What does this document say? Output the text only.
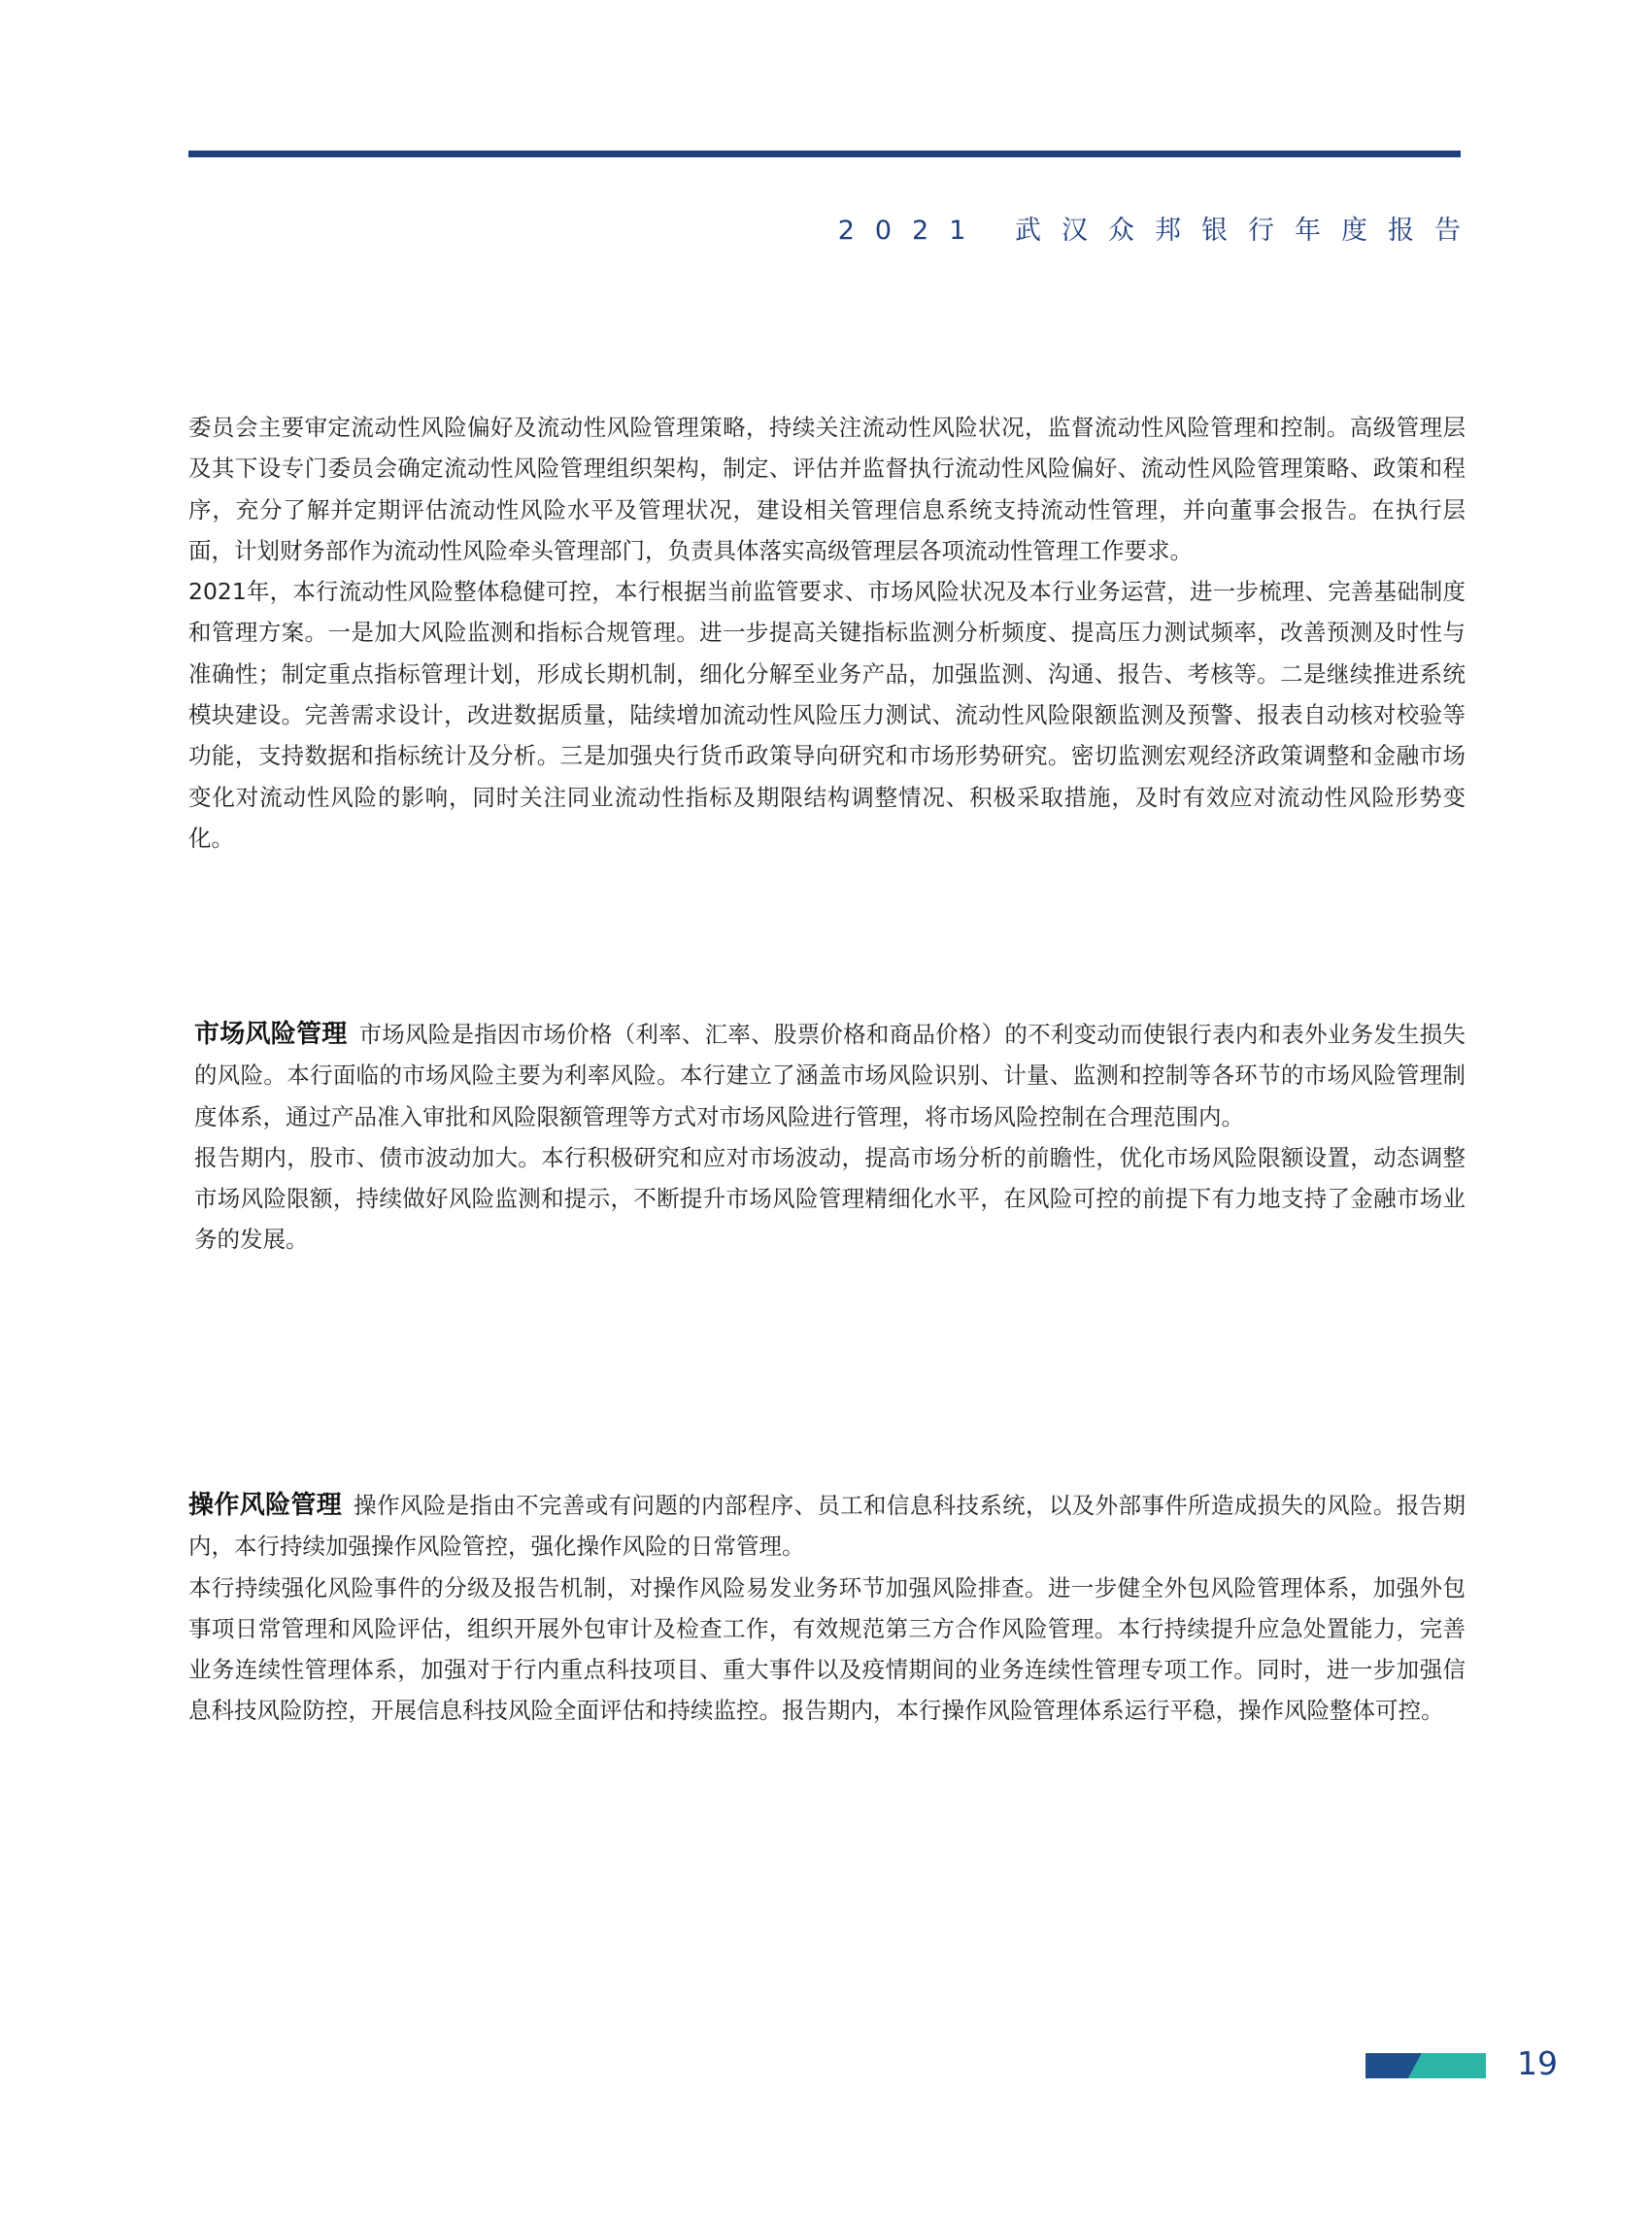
2021 武汉众邦银行年度报告

委员会主要审定流动性风险偏好及流动性风险管理策略，持续关注流动性风险状况，监督流动性风险管理和控制。高级管理层及其下设专门委员会确定流动性风险管理组织架构，制定、评估并监督执行流动性风险偏好、流动性风险管理策略、政策和程序，充分了解并定期评估流动性风险水平及管理状况，建设相关管理信息系统支持流动性管理，并向董事会报告。在执行层面，计划财务部作为流动性风险牵头管理部门，负责具体落实高级管理层各项流动性管理工作要求。

2021年，本行流动性风险整体稳健可控，本行根据当前监管要求、市场风险状况及本行业务运营，进一步梳理、完善基础制度和管理方案。一是加大风险监测和指标合规管理。进一步提高关键指标监测分析频度、提高压力测试频率，改善预测及时性与准确性；制定重点指标管理计划，形成长期机制，细化分解至业务产品，加强监测、沟通、报告、考核等。二是继续推进系统模块建设。完善需求设计，改进数据质量，陆续增加流动性风险压力测试、流动性风险限额监测及预警、报表自动核对校验等功能，支持数据和指标统计及分析。三是加强央行货币政策导向研究和市场形势研究。密切监测宏观经济政策调整和金融市场变化对流动性风险的影响，同时关注同业流动性指标及期限结构调整情况、积极采取措施，及时有效应对流动性风险形势变化。

市场风险管理 市场风险是指因市场价格（利率、汇率、股票价格和商品价格）的不利变动而使银行表内和表外业务发生损失的风险。本行面临的市场风险主要为利率风险。本行建立了涵盖市场风险识别、计量、监测和控制等各环节的市场风险管理制度体系，通过产品准入审批和风险限额管理等方式对市场风险进行管理，将市场风险控制在合理范围内。

报告期内，股市、债市波动加大。本行积极研究和应对市场波动，提高市场分析的前瞻性，优化市场风险限额设置，动态调整市场风险限额，持续做好风险监测和提示，不断提升市场风险管理精细化水平，在风险可控的前提下有力地支持了金融市场业务的发展。

操作风险管理 操作风险是指由不完善或有问题的内部程序、员工和信息科技系统，以及外部事件所造成损失的风险。报告期内，本行持续加强操作风险管控，强化操作风险的日常管理。

本行持续强化风险事件的分级及报告机制，对操作风险易发业务环节加强风险排查。进一步健全外包风险管理体系，加强外包事项日常管理和风险评估，组织开展外包审计及检查工作，有效规范第三方合作风险管理。本行持续提升应急处置能力，完善业务连续性管理体系，加强对于行内重点科技项目、重大事件以及疫情期间的业务连续性管理专项工作。同时，进一步加强信息科技风险防控，开展信息科技风险全面评估和持续监控。报告期内，本行操作风险管理体系运行平稳，操作风险整体可控。

19
